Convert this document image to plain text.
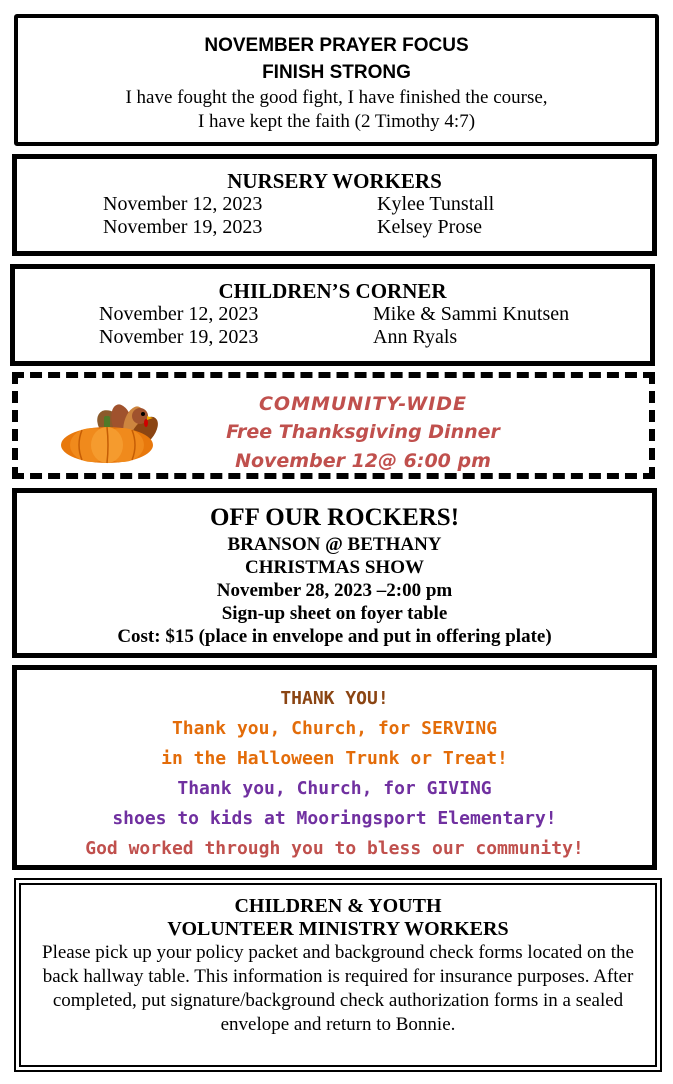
NOVEMBER PRAYER FOCUS
FINISH STRONG
I have fought the good fight, I have finished the course,
I have kept the faith (2 Timothy 4:7)
NURSERY WORKERS
November 12, 2023	Kylee Tunstall
November 19, 2023	Kelsey Prose
CHILDREN’S CORNER
November 12, 2023	Mike & Sammi Knutsen
November 19, 2023	Ann Ryals
COMMUNITY-WIDE
Free Thanksgiving Dinner
November 12@ 6:00 pm
OFF OUR ROCKERS!
BRANSON @ BETHANY
CHRISTMAS SHOW
November 28, 2023 –2:00 pm
Sign-up sheet on foyer table
Cost: $15 (place in envelope and put in offering plate)
THANK YOU!
Thank you, Church, for SERVING
in the Halloween Trunk or Treat!
Thank you, Church, for GIVING
shoes to kids at Mooringsport Elementary!
God worked through you to bless our community!
CHILDREN & YOUTH
VOLUNTEER MINISTRY WORKERS
Please pick up your policy packet and background check forms located on the back hallway table. This information is required for insurance purposes. After completed, put signature/background check authorization forms in a sealed envelope and return to Bonnie.
